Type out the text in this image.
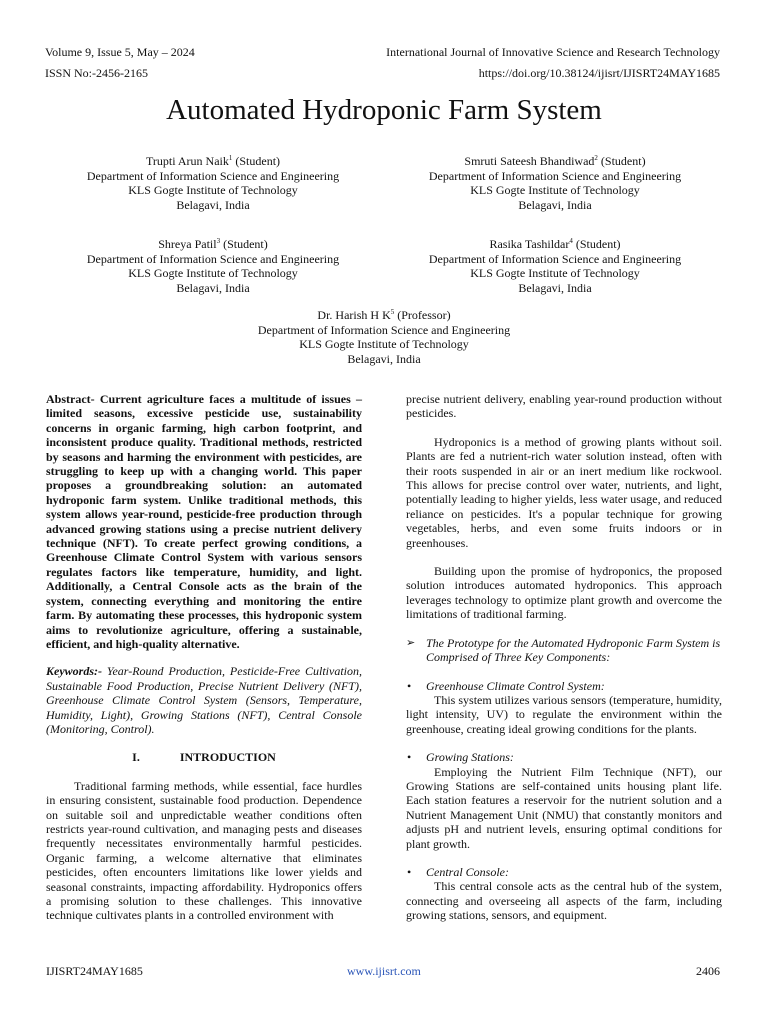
Volume 9, Issue 5, May – 2024	International Journal of Innovative Science and Research Technology
ISSN No:-2456-2165	https://doi.org/10.38124/ijisrt/IJISRT24MAY1685
Automated Hydroponic Farm System
Trupti Arun Naik$^1$ (Student)
Department of Information Science and Engineering
KLS Gogte Institute of Technology
Belagavi, India
Smruti Sateesh Bhandiwad$^2$ (Student)
Department of Information Science and Engineering
KLS Gogte Institute of Technology
Belagavi, India
Shreya Patil$^3$ (Student)
Department of Information Science and Engineering
KLS Gogte Institute of Technology
Belagavi, India
Rasika Tashildar$^4$ (Student)
Department of Information Science and Engineering
KLS Gogte Institute of Technology
Belagavi, India
Dr. Harish H $K^5$ (Professor)
Department of Information Science and Engineering
KLS Gogte Institute of Technology
Belagavi, India

Abstract- Current agriculture faces a multitude of issues – limited seasons, excessive pesticide use, sustainability concerns in organic farming, high carbon footprint, and inconsistent produce quality. Traditional methods, restricted by seasons and harming the environment with pesticides, are struggling to keep up with a changing world. This paper proposes a groundbreaking solution: an automated hydroponic farm system. Unlike traditional methods, this system allows year-round, pesticide-free production through advanced growing stations using a precise nutrient delivery technique (NFT). To create perfect growing conditions, a Greenhouse Climate Control System with various sensors regulates factors like temperature, humidity, and light. Additionally, a Central Console acts as the brain of the system, connecting everything and monitoring the entire farm. By automating these processes, this hydroponic system aims to revolutionize agriculture, offering a sustainable, efficient, and high-quality alternative.

Keywords:- Year-Round Production, Pesticide-Free Cultivation, Sustainable Food Production, Precise Nutrient Delivery (NFT), Greenhouse Climate Control System (Sensors, Temperature, Humidity, Light), Growing Stations (NFT), Central Console (Monitoring, Control).

I.	INTRODUCTION

Traditional farming methods, while essential, face hurdles in ensuring consistent, sustainable food production. Dependence on suitable soil and unpredictable weather conditions often restricts year-round cultivation, and managing pests and diseases frequently necessitates environmentally harmful pesticides. Organic farming, a welcome alternative that eliminates pesticides, often encounters limitations like lower yields and seasonal constraints, impacting affordability. Hydroponics offers a promising solution to these challenges. This innovative technique cultivates plants in a controlled environment with

precise nutrient delivery, enabling year-round production without pesticides.

Hydroponics is a method of growing plants without soil. Plants are fed a nutrient-rich water solution instead, often with their roots suspended in air or an inert medium like rockwool. This allows for precise control over water, nutrients, and light, potentially leading to higher yields, less water usage, and reduced reliance on pesticides. It's a popular technique for growing vegetables, herbs, and even some fruits indoors or in greenhouses.

Building upon the promise of hydroponics, the proposed solution introduces automated hydroponics. This approach leverages technology to optimize plant growth and overcome the limitations of traditional farming.

➢ The Prototype for the Automated Hydroponic Farm System is Comprised of Three Key Components:

• Greenhouse Climate Control System:

This system utilizes various sensors (temperature, humidity, light intensity, UV) to regulate the environment within the greenhouse, creating ideal growing conditions for the plants.

• Growing Stations:

Employing the Nutrient Film Technique (NFT), our Growing Stations are self-contained units housing plant life. Each station features a reservoir for the nutrient solution and a Nutrient Management Unit (NMU) that constantly monitors and adjusts pH and nutrient levels, ensuring optimal conditions for plant growth.

• Central Console:

This central console acts as the central hub of the system, connecting and overseeing all aspects of the farm, including growing stations, sensors, and equipment.

IJISRT24MAY1685	www.ijisrt.com	2406
